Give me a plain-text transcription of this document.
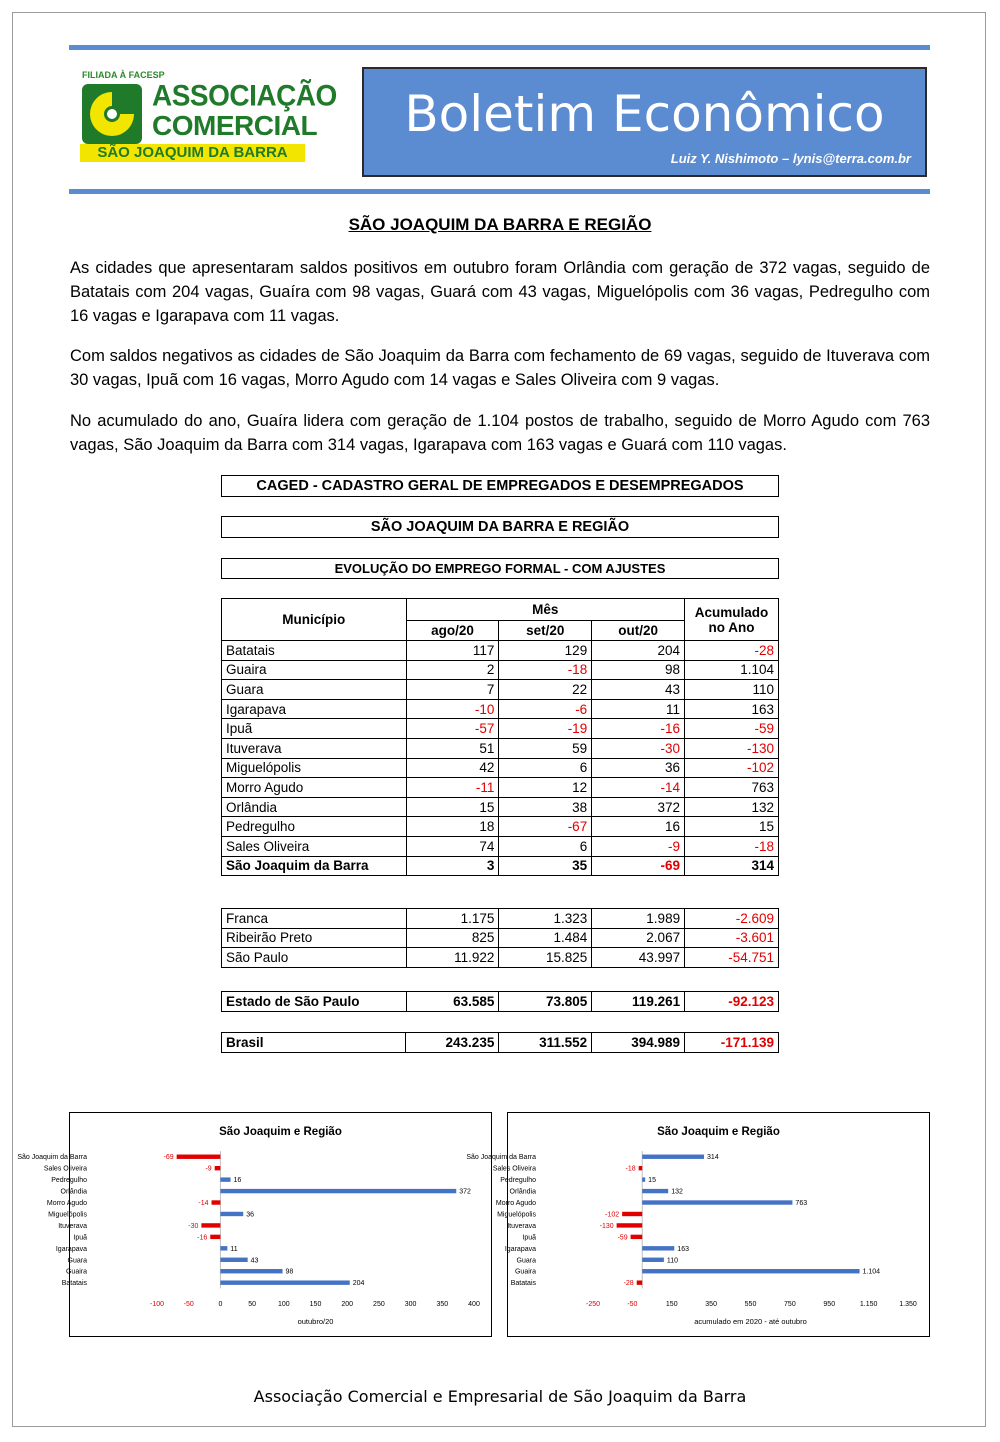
FILIADA À FACESP
ASSOCIAÇÃO
COMERCIAL
SÃO JOAQUIM DA BARRA
Boletim Econômico
Luiz Y. Nishimoto – lynis@terra.com.br
SÃO JOAQUIM DA BARRA E REGIÃO
As cidades que apresentaram saldos positivos em outubro foram Orlândia com geração de 372 vagas, seguido de Batatais com 204 vagas, Guaíra com 98 vagas, Guará com 43 vagas, Miguelópolis com 36 vagas, Pedregulho com 16 vagas e Igarapava com 11 vagas.
Com saldos negativos as cidades de São Joaquim da Barra com fechamento de 69 vagas, seguido de Ituverava com 30 vagas, Ipuã com 16 vagas, Morro Agudo com 14 vagas e Sales Oliveira com 9 vagas.
No acumulado do ano, Guaíra lidera com geração de 1.104 postos de trabalho, seguido de Morro Agudo com 763 vagas, São Joaquim da Barra com 314 vagas, Igarapava com 163 vagas e Guará com 110 vagas.
CAGED - CADASTRO GERAL DE EMPREGADOS E DESEMPREGADOS
SÃO JOAQUIM DA BARRA E REGIÃO
EVOLUÇÃO DO EMPREGO FORMAL - COM AJUSTES
Município	Mês			Acumulado
no Ano
	ago/20	set/20	out/20	
Batatais	117	129	204	-28
Guaira	2	-18	98	1.104
Guara	7	22	43	110
Igarapava	-10	-6	11	163
Ipuã	-57	-19	-16	-59
Ituverava	51	59	-30	-130
Miguelópolis	42	6	36	-102
Morro Agudo	-11	12	-14	763
Orlândia	15	38	372	132
Pedregulho	18	-67	16	15
Sales Oliveira	74	6	-9	-18
São Joaquim da Barra	3	35	-69	314
Franca	1.175	1.323	1.989	-2.609
Ribeirão Preto	825	1.484	2.067	-3.601
São Paulo	11.922	15.825	43.997	-54.751
Estado de São Paulo	63.585	73.805	119.261	-92.123
Brasil	243.235	311.552	394.989	-171.139
São Joaquim e Região
São Joaquim da Barra	-69
Sales Oliveira	-9
Pedregulho	16
Orlândia	372
Morro Agudo	-14
Miguelópolis	36
Ituverava	-30
Ipuã	-16
Igarapava	11
Guara	43
Guaira	98
Batatais	204
-100	-50	0	50	100	150	200	250	300	350	400
outubro/20
São Joaquim e Região
São Joaquim da Barra	314
Sales Oliveira	-18
Pedregulho	15
Orlândia	132
Morro Agudo	763
Miguelópolis	-102
Ituverava	-130
Ipuã	-59
Igarapava	163
Guara	110
Guaira	1.104
Batatais	-28
-250	-50	150	350	550	750	950	1.150	1.350
acumulado em 2020 - até outubro
Associação Comercial e Empresarial de São Joaquim da Barra
